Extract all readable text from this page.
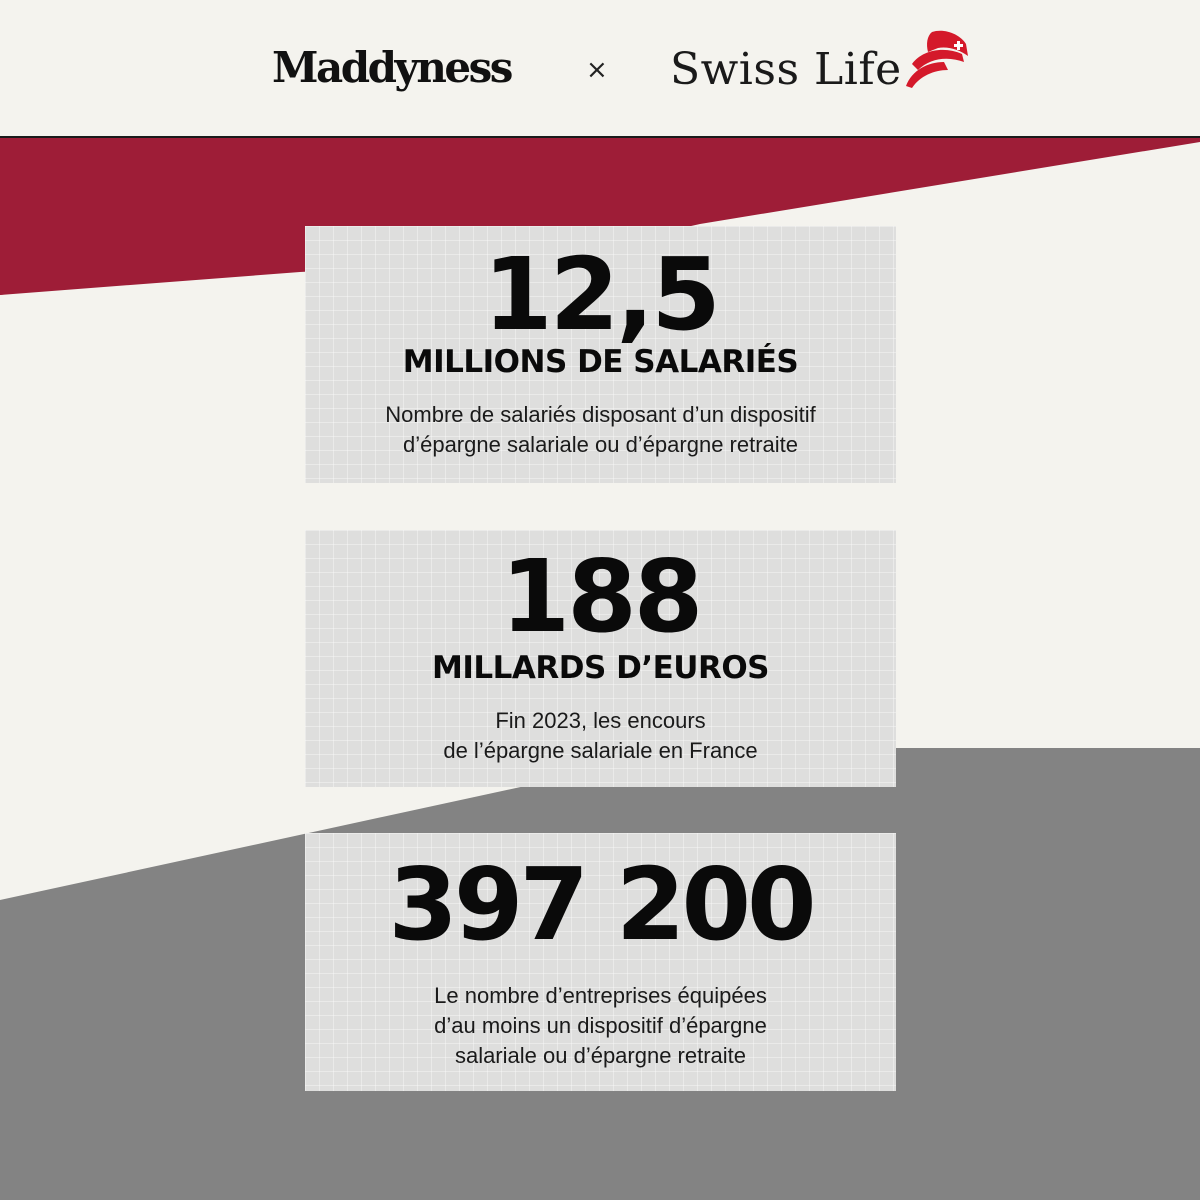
Maddyness	× Swiss Life
12,5
MILLIONS DE SALARIÉS
Nombre de salariés disposant d’un dispositif
d’épargne salariale ou d’épargne retraite
188
MILLARDS D’EUROS
Fin 2023, les encours
de l’épargne salariale en France
397 200
Le nombre d’entreprises équipées
d’au moins un dispositif d’épargne
salariale ou d’épargne retraite
